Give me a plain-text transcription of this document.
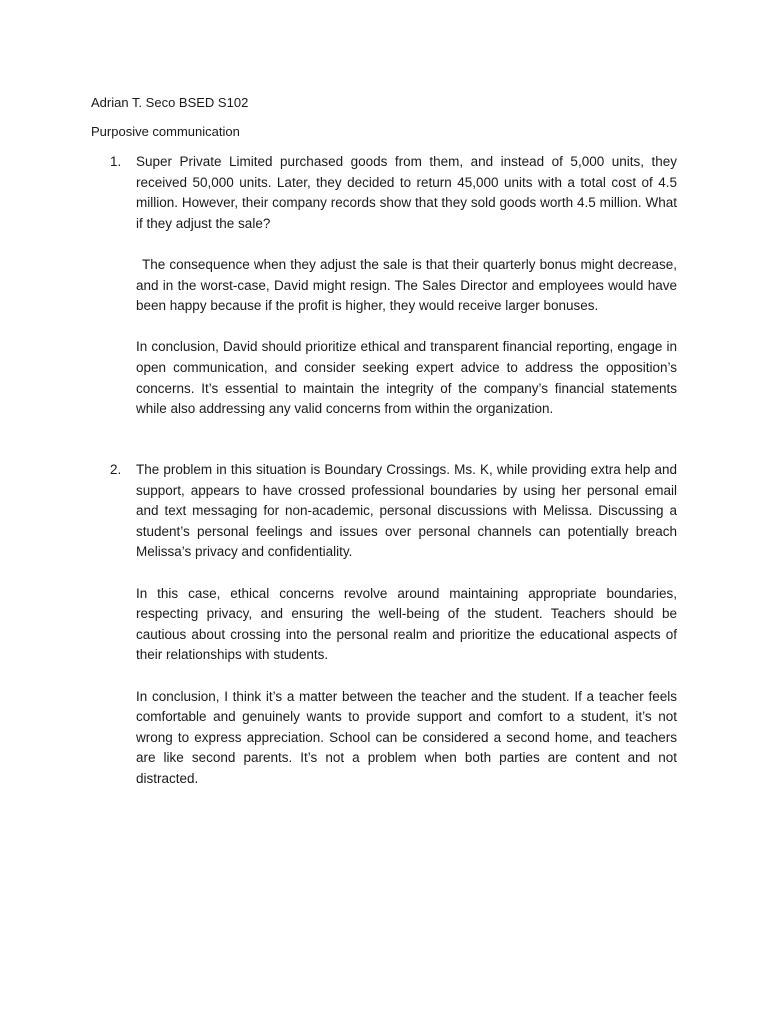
Adrian T. Seco BSED S102
Purposive communication
1. Super Private Limited purchased goods from them, and instead of 5,000 units, they received 50,000 units. Later, they decided to return 45,000 units with a total cost of 4.5 million. However, their company records show that they sold goods worth 4.5 million. What if they adjust the sale?

The consequence when they adjust the sale is that their quarterly bonus might decrease, and in the worst-case, David might resign. The Sales Director and employees would have been happy because if the profit is higher, they would receive larger bonuses.

In conclusion, David should prioritize ethical and transparent financial reporting, engage in open communication, and consider seeking expert advice to address the opposition’s concerns. It’s essential to maintain the integrity of the company’s financial statements while also addressing any valid concerns from within the organization.

2. The problem in this situation is Boundary Crossings. Ms. K, while providing extra help and support, appears to have crossed professional boundaries by using her personal email and text messaging for non-academic, personal discussions with Melissa. Discussing a student’s personal feelings and issues over personal channels can potentially breach Melissa’s privacy and confidentiality.

In this case, ethical concerns revolve around maintaining appropriate boundaries, respecting privacy, and ensuring the well-being of the student. Teachers should be cautious about crossing into the personal realm and prioritize the educational aspects of their relationships with students.

In conclusion, I think it’s a matter between the teacher and the student. If a teacher feels comfortable and genuinely wants to provide support and comfort to a student, it’s not wrong to express appreciation. School can be considered a second home, and teachers are like second parents. It’s not a problem when both parties are content and not distracted.
